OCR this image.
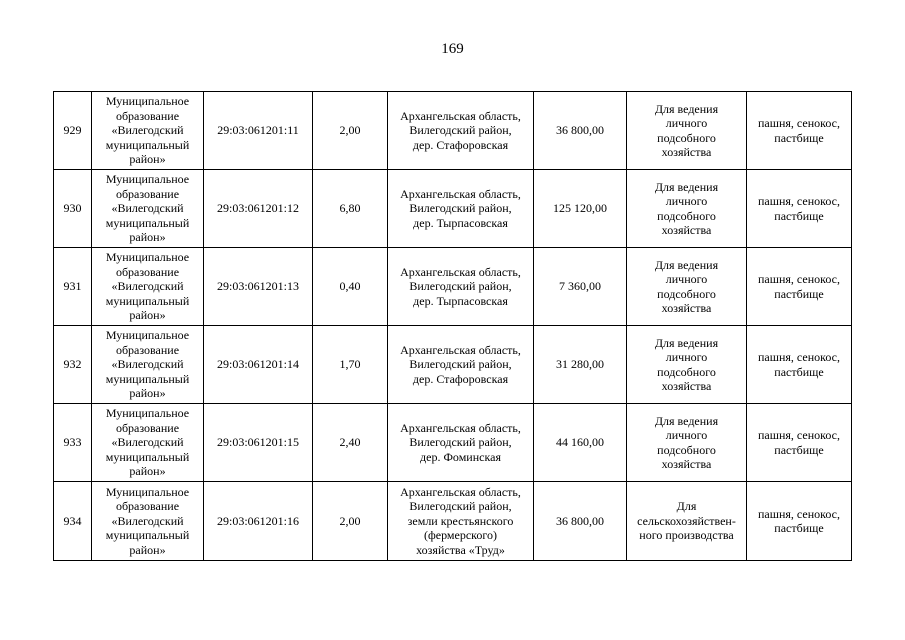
169
929	Муниципальное
образование
«Вилегодский
муниципальный
район»	29:03:061201:11	2,00	Архангельская область,
Вилегодский район,
дер. Стафоровская	36 800,00	Для ведения
личного
подсобного
хозяйства	пашня, сенокос,
пастбище
930	Муниципальное
образование
«Вилегодский
муниципальный
район»	29:03:061201:12	6,80	Архангельская область,
Вилегодский район,
дер. Тырпасовская	125 120,00	Для ведения
личного
подсобного
хозяйства	пашня, сенокос,
пастбище
931	Муниципальное
образование
«Вилегодский
муниципальный
район»	29:03:061201:13	0,40	Архангельская область,
Вилегодский район,
дер. Тырпасовская	7 360,00	Для ведения
личного
подсобного
хозяйства	пашня, сенокос,
пастбище
932	Муниципальное
образование
«Вилегодский
муниципальный
район»	29:03:061201:14	1,70	Архангельская область,
Вилегодский район,
дер. Стафоровская	31 280,00	Для ведения
личного
подсобного
хозяйства	пашня, сенокос,
пастбище
933	Муниципальное
образование
«Вилегодский
муниципальный
район»	29:03:061201:15	2,40	Архангельская область,
Вилегодский район,
дер. Фоминская	44 160,00	Для ведения
личного
подсобного
хозяйства	пашня, сенокос,
пастбище
934	Муниципальное
образование
«Вилегодский
муниципальный
район»	29:03:061201:16	2,00	Архангельская область,
Вилегодский район,
земли крестьянского
(фермерского)
хозяйства «Труд»	36 800,00	Для
сельскохозяйствен-
ного производства	пашня, сенокос,
пастбище
